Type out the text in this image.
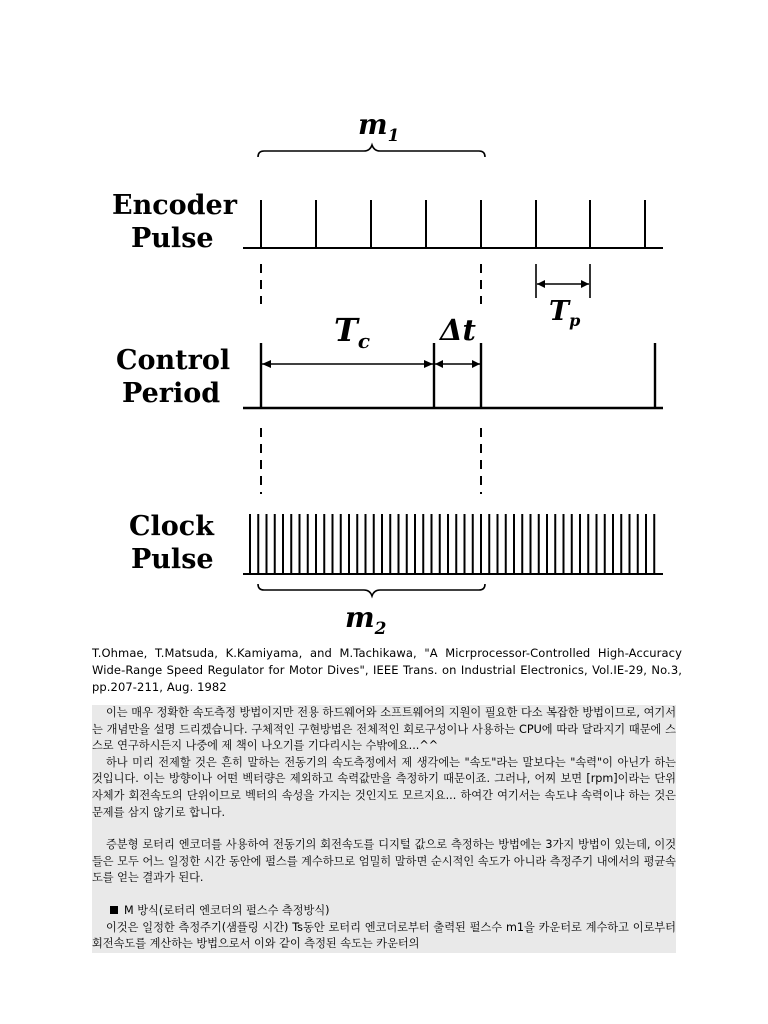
$m_1$
Encoder
Pulse
$T_p$
Control
Period
$T_c$ Δt
Clock
Pulse
$m_2$

T.Ohmae, T.Matsuda, K.Kamiyama, and M.Tachikawa, "A Micrprocessor-Controlled High-Accuracy Wide-Range Speed Regulator for Motor Dives", IEEE Trans. on Industrial Electronics, Vol.IE-29, No.3, pp.207-211, Aug. 1982

이는 매우 정확한 속도측정 방법이지만 전용 하드웨어와 소프트웨어의 지원이 필요한 다소 복잡한 방법이므로, 여기서는 개념만을 설명 드리겠습니다. 구체적인 구현방법은 전체적인 회로구성이나 사용하는 CPU에 따라 달라지기 때문에 스스로 연구하시든지 나중에 제 책이 나오기를 기다리시는 수밖에요...^^

하나 미리 전제할 것은 흔히 말하는 전동기의 속도측정에서 제 생각에는 "속도"라는 말보다는 "속력"이 아닌가 하는 것입니다. 이는 방향이나 어떤 벡터량은 제외하고 속력값만을 측정하기 때문이죠. 그러나, 어찌 보면 [rpm]이라는 단위 자체가 회전속도의 단위이므로 벡터의 속성을 가지는 것인지도 모르지요... 하여간 여기서는 속도냐 속력이냐 하는 것은 문제를 삼지 않기로 합니다.

증분형 로터리 엔코더를 사용하여 전동기의 회전속도를 디지털 값으로 측정하는 방법에는 3가지 방법이 있는데, 이것들은 모두 어느 일정한 시간 동안에 펄스를 계수하므로 엄밀히 말하면 순시적인 속도가 아니라 측정주기 내에서의 평균속도를 얻는 결과가 된다.

M 방식(로터리 엔코더의 펄스수 측정방식)

이것은 일정한 측정주기(샘플링 시간) Ts동안 로터리 엔코더로부터 출력된 펄스수 m1을 카운터로 계수하고 이로부터 회전속도를 계산하는 방법으로서 이와 같이 측정된 속도는 카운터의
